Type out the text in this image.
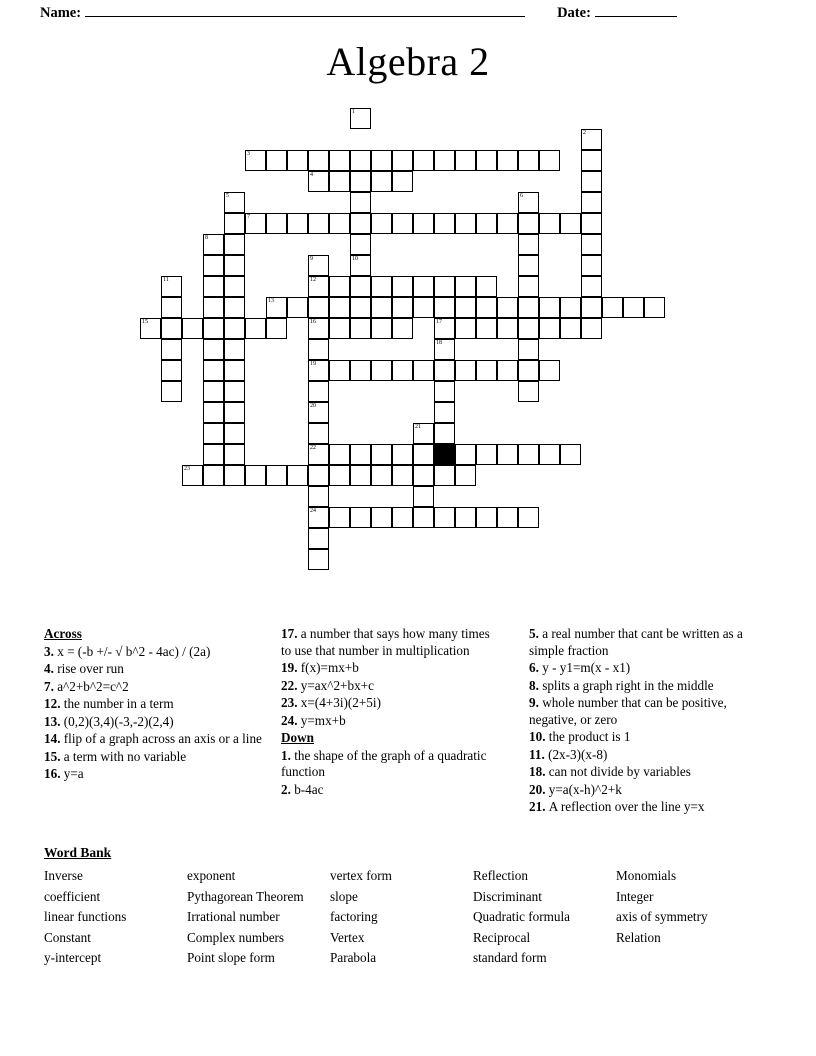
Name:	Date:
Algebra 2
1
2
3
4
5	6
7
8
9	10
11	12
13
15	16	17
18
19
20
21
22
23
24
Across
3. x = (-b +/- √ b^2 - 4ac) / (2a)
4. rise over run
7. a^2+b^2=c^2
12. the number in a term
13. (0,2)(3,4)(-3,-2)(2,4)
14. flip of a graph across an axis or a line
15. a term with no variable
16. y=a
17. a number that says how many times to use that number in multiplication
19. f(x)=mx+b
22. y=ax^2+bx+c
23. x=(4+3i)(2+5i)
24. y=mx+b
Down
1. the shape of the graph of a quadratic function
2. b-4ac
5. a real number that cant be written as a simple fraction
6. y - y1=m(x - x1)
8. splits a graph right in the middle
9. whole number that can be positive, negative, or zero
10. the product is 1
11. (2x-3)(x-8)
18. can not divide by variables
20. y=a(x-h)^2+k
21. A reflection over the line y=x
Word Bank
Inverse	exponent	vertex form	Reflection	Monomials
coefficient	Pythagorean Theorem	slope	Discriminant	Integer
linear functions	Irrational number	factoring	Quadratic formula	axis of symmetry
Constant	Complex numbers	Vertex	Reciprocal	Relation
y-intercept	Point slope form	Parabola	standard form
